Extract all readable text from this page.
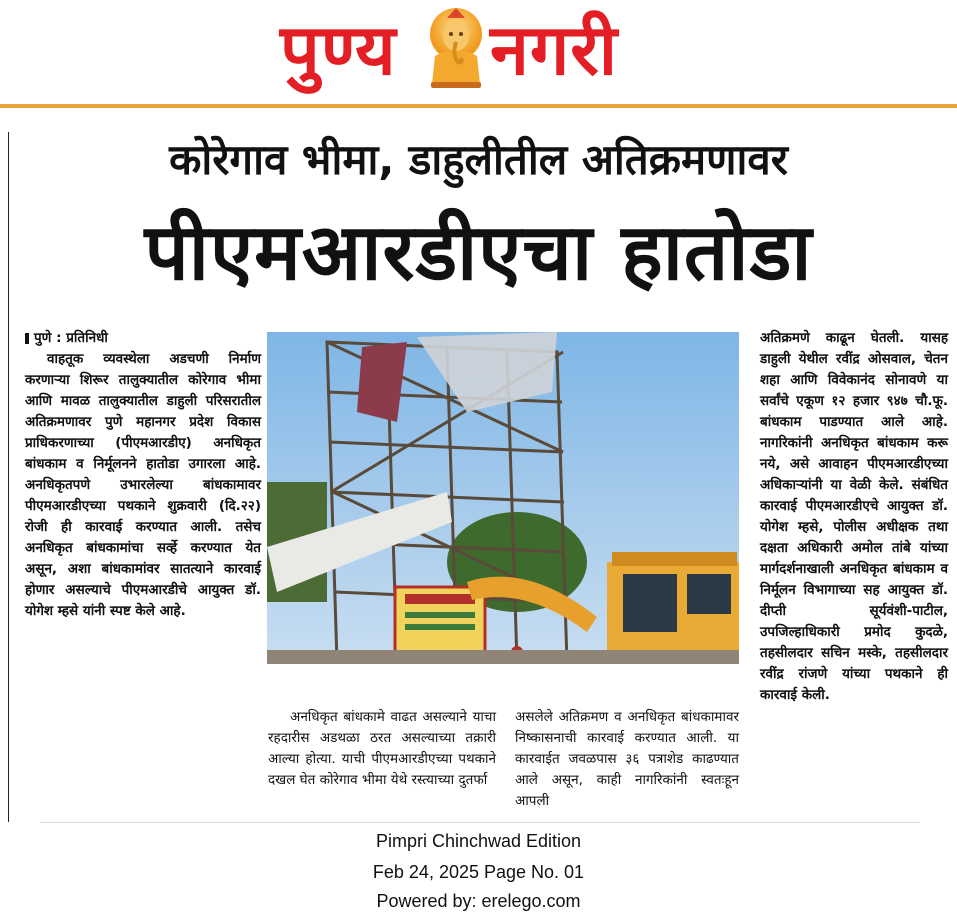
पुण्य नगरी
कोरेगाव भीमा, डाहुलीतील अतिक्रमणावर
पीएमआरडीएचा हातोडा

पुणे : प्रतिनिधी

वाहतूक व्यवस्थेला अडचणी निर्माण करणाऱ्या शिरूर तालुक्यातील कोरेगाव भीमा आणि मावळ तालुक्यातील डाहुली परिसरातील अतिक्रमणावर पुणे महानगर प्रदेश विकास प्राधिकरणाच्या (पीएमआरडीए) अनधिकृत बांधकाम व निर्मूलनने हातोडा उगारला आहे. अनधिकृतपणे उभारलेल्या बांधकामावर पीएमआरडीएच्या पथकाने शुक्रवारी (दि.२२) रोजी ही कारवाई करण्यात आली. तसेच अनधिकृत बांधकामांचा सर्व्हे करण्यात येत असून, अशा बांधकामांवर सातत्याने कारवाई होणार असल्याचे पीएमआरडीचे आयुक्त डॉ. योगेश म्हसे यांनी स्पष्ट केले आहे.

अनधिकृत बांधकामे वाढत असल्याने याचा रहदारीस अडथळा ठरत असल्याच्या तक्रारी आल्या होत्या. याची पीएमआरडीएच्या पथकाने दखल घेत कोरेगाव भीमा येथे रस्त्याच्या दुतर्फा
असलेले अतिक्रमण व अनधिकृत बांधकामावर निष्कासनाची कारवाई करण्यात आली. या कारवाईत जवळपास ३६ पत्राशेड काढण्यात आले असून, काही नागरिकांनी स्वतःहून आपली
अतिक्रमणे काढून घेतली. यासह डाहुली येथील रवींद्र ओसवाल, चेतन शहा आणि विवेकानंद सोनावणे या सर्वांचे एकूण १२ हजार ९४७ चौ.फू. बांधकाम पाडण्यात आले आहे. नागरिकांनी अनधिकृत बांधकाम करू नये, असे आवाहन पीएमआरडीएच्या अधिकाऱ्यांनी या वेळी केले. संबंधित कारवाई पीएमआरडीएचे आयुक्त डॉ. योगेश म्हसे, पोलीस अधीक्षक तथा दक्षता अधिकारी अमोल तांबे यांच्या मार्गदर्शनाखाली अनधिकृत बांधकाम व निर्मूलन विभागाच्या सह आयुक्त डॉ. दीप्ती सूर्यवंशी-पाटील, उपजिल्हाधिकारी प्रमोद कुदळे, तहसीलदार सचिन मस्के, तहसीलदार रवींद्र रांजणे यांच्या पथकाने ही कारवाई केली.
Pimpri Chinchwad Edition
Feb 24, 2025 Page No. 01
Powered by: erelego.com
